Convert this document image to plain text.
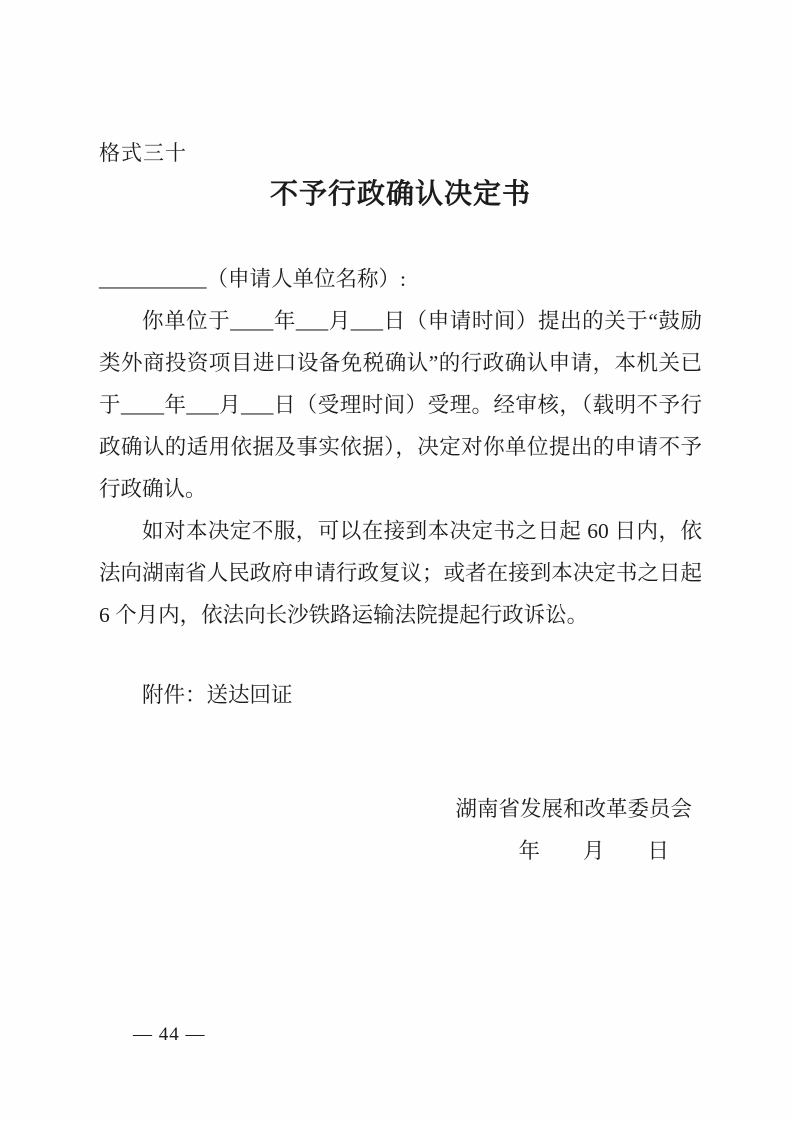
格式三十
不予行政确认决定书

__________（申请人单位名称）:

你单位于____年___月___日（申请时间）提出的关于“鼓励类外商投资项目进口设备免税确认”的行政确认申请，本机关已于____年___月___日（受理时间）受理。经审核，（载明不予行政确认的适用依据及事实依据），决定对你单位提出的申请不予行政确认。

如对本决定不服，可以在接到本决定书之日起 60 日内，依法向湖南省人民政府申请行政复议；或者在接到本决定书之日起 6 个月内，依法向长沙铁路运输法院提起行政诉讼。

附件：送达回证

湖南省发展和改革委员会

年　　月　　日

— 44 —
